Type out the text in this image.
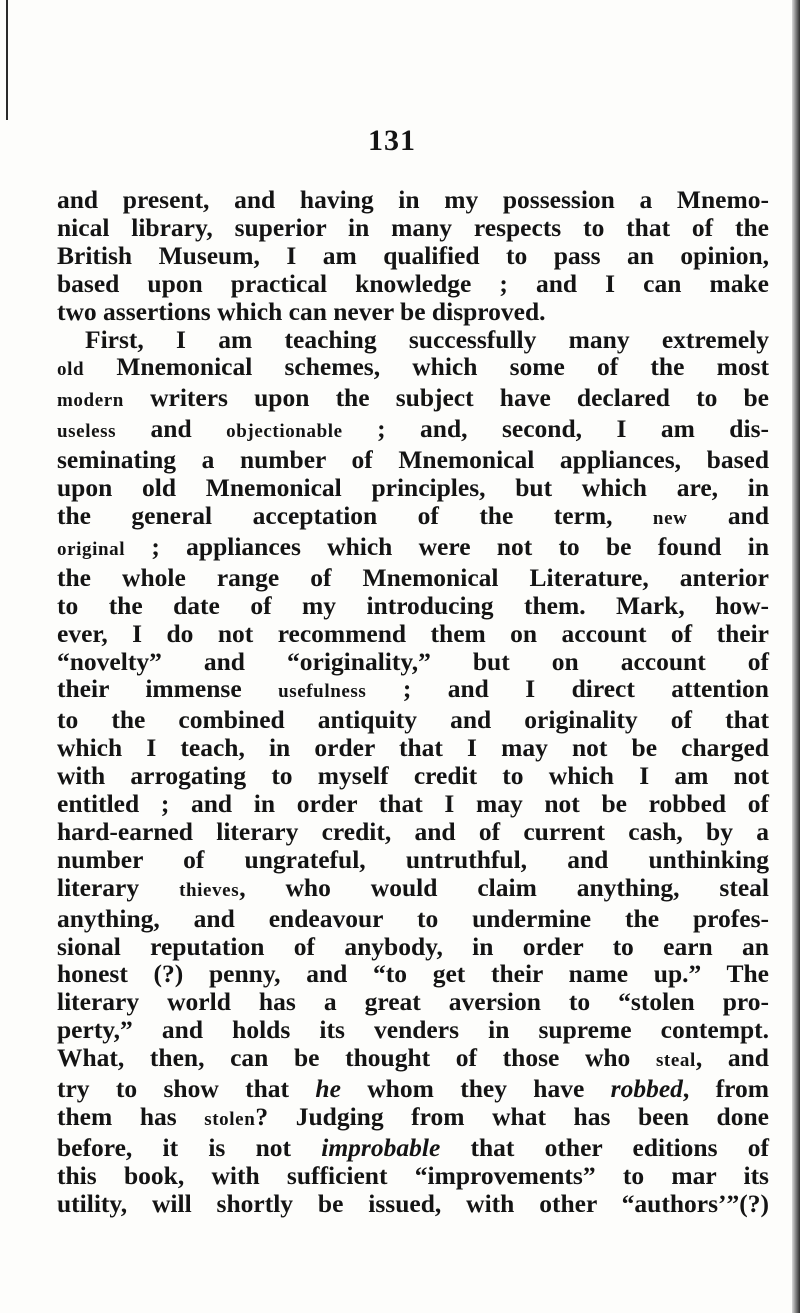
131
and present, and having in my possession a Mnemo-
nical library, superior in many respects to that of the
British Museum, I am qualified to pass an opinion,
based upon practical knowledge ; and I can make
two assertions which can never be disproved.
First, I am teaching successfully many extremely
old Mnemonical schemes, which some of the most
modern writers upon the subject have declared to be
useless and objectionable ; and, second, I am dis-
seminating a number of Mnemonical appliances, based
upon old Mnemonical principles, but which are, in
the general acceptation of the term, new and
original ; appliances which were not to be found in
the whole range of Mnemonical Literature, anterior
to the date of my introducing them. Mark, how-
ever, I do not recommend them on account of their
“novelty” and “originality,” but on account of
their immense usefulness ; and I direct attention
to the combined antiquity and originality of that
which I teach, in order that I may not be charged
with arrogating to myself credit to which I am not
entitled ; and in order that I may not be robbed of
hard-earned literary credit, and of current cash, by a
number of ungrateful, untruthful, and unthinking
literary thieves, who would claim anything, steal
anything, and endeavour to undermine the profes-
sional reputation of anybody, in order to earn an
honest (?) penny, and “to get their name up.” The
literary world has a great aversion to “stolen pro-
perty,” and holds its venders in supreme contempt.
What, then, can be thought of those who steal, and
try to show that he whom they have robbed, from
them has stolen? Judging from what has been done
before, it is not improbable that other editions of
this book, with sufficient “improvements” to mar its
utility, will shortly be issued, with other “authors’”(?)
